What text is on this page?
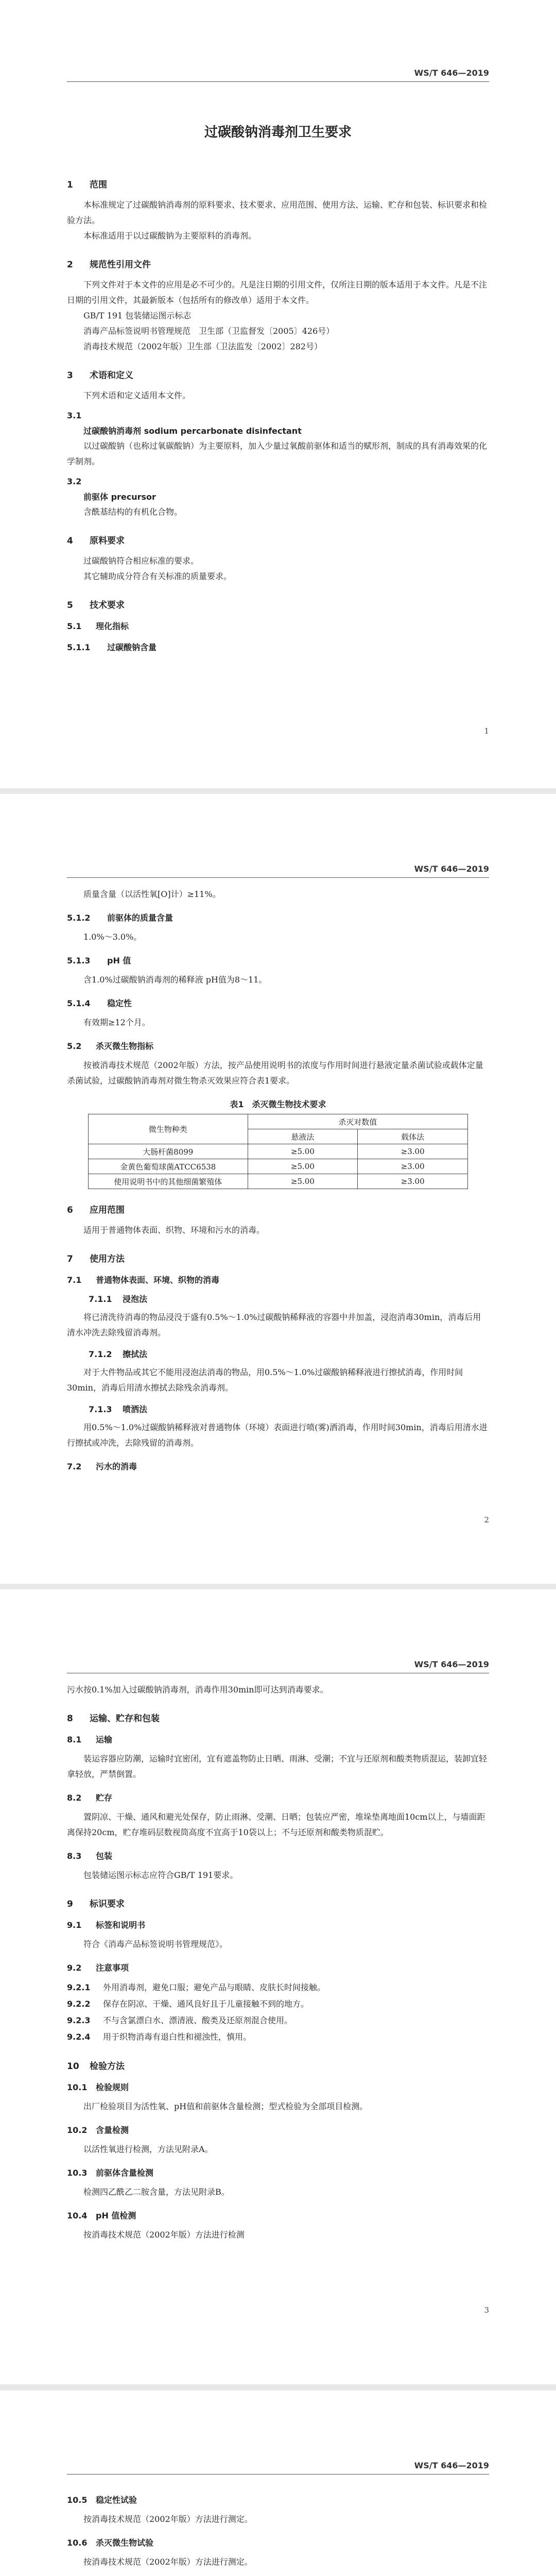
WS/T 646—2019
过碳酸钠消毒剂卫生要求
1 范围

本标准规定了过碳酸钠消毒剂的原料要求、技术要求、应用范围、使用方法、运输、贮存和包装、标识要求和检验方法。

本标准适用于以过碳酸钠为主要原料的消毒剂。

2 规范性引用文件

下列文件对于本文件的应用是必不可少的。凡是注日期的引用文件，仅所注日期的版本适用于本文件。凡是不注日期的引用文件，其最新版本（包括所有的修改单）适用于本文件。

GB/T 191 包装储运图示标志

消毒产品标签说明书管理规范　卫生部（卫监督发〔2005〕426号）

消毒技术规范（2002年版）卫生部（卫法监发〔2002〕282号）

3 术语和定义

下列术语和定义适用本文件。

3.1
过碳酸钠消毒剂 sodium percarbonate disinfectant

以过碳酸钠（也称过氧碳酸钠）为主要原料，加入少量过氧酸前驱体和适当的赋形剂，制成的具有消毒效果的化学制剂。

3.2
前驱体 precursor

含酰基结构的有机化合物。

4 原料要求

过碳酸钠符合相应标准的要求。

其它辅助成分符合有关标准的质量要求。

5 技术要求
5.1 理化指标
5.1.1 过碳酸钠含量
1
WS/T 646—2019

质量含量（以活性氧[O]计）≥11%。

5.1.2 前驱体的质量含量

1.0%～3.0%。

5.1.3 pH 值

含1.0%过碳酸钠消毒剂的稀释液 pH值为8～11。

5.1.4 稳定性

有效期≥12个月。

5.2 杀灭微生物指标

按被消毒技术规范（2002年版）方法，按产品使用说明书的浓度与作用时间进行悬液定量杀菌试验或载体定量杀菌试验，过碳酸钠消毒剂对微生物杀灭效果应符合表1要求。

表1　杀灭微生物技术要求
微生物种类	杀灭对数值	
	悬液法	载体法
大肠杆菌8099	≥5.00	≥3.00
金黄色葡萄球菌ATCC6538	≥5.00	≥3.00
使用说明书中的其他细菌繁殖体	≥5.00	≥3.00
6 应用范围

适用于普通物体表面、织物、环境和污水的消毒。

7 使用方法
7.1 普通物体表面、环境、织物的消毒
7.1.1 浸泡法

将已清洗待消毒的物品浸没于盛有0.5%～1.0%过碳酸钠稀释液的容器中并加盖，浸泡消毒30min，消毒后用清水冲洗去除残留消毒剂。

7.1.2 擦拭法

对于大件物品或其它不能用浸泡法消毒的物品，用0.5%～1.0%过碳酸钠稀释液进行擦拭消毒，作用时间30min，消毒后用清水擦拭去除残余消毒剂。

7.1.3 喷洒法

用0.5%～1.0%过碳酸钠稀释液对普通物体（环境）表面进行喷(雾)洒消毒，作用时间30min，消毒后用清水进行擦拭或冲洗，去除残留的消毒剂。

7.2 污水的消毒
2
WS/T 646—2019

污水按0.1%加入过碳酸钠消毒剂，消毒作用30min即可达到消毒要求。

8 运输、贮存和包装
8.1 运输

装运容器应防潮，运输时宜密闭，宜有遮盖物防止日晒、雨淋、受潮；不宜与还原剂和酸类物质混运，装卸宜轻拿轻放，严禁倒置。

8.2 贮存

置阴凉、干燥、通风和避光处保存，防止雨淋、受潮、日晒；包装应严密，堆垛垫离地面10cm以上，与墙面距离保持20cm，贮存堆码层数视筒高度不宜高于10袋以上；不与还原剂和酸类物质混贮。

8.3 包装

包装储运图示标志应符合GB/T 191要求。

9 标识要求
9.1 标签和说明书

符合《消毒产品标签说明书管理规范》。

9.2 注意事项
9.2.1 外用消毒剂，避免口服；避免产品与眼睛、皮肤长时间接触。
9.2.2 保存在阴凉、干燥、通风良好且于儿童接触不到的地方。
9.2.3 不与含氯漂白水、漂清液、酸类及还原剂混合使用。
9.2.4 用于织物消毒有退白性和褪浊性，慎用。
10 检验方法
10.1 检验规则

出厂检验项目为活性氧、pH值和前驱体含量检测；型式检验为全部项目检测。

10.2 含量检测

以活性氧进行检测，方法见附录A。

10.3 前驱体含量检测

检测四乙酰乙二胺含量，方法见附录B。

10.4 pH 值检测

按消毒技术规范（2002年版）方法进行检测

3
WS/T 646—2019
10.5 稳定性试验

按消毒技术规范（2002年版）方法进行测定。

10.6 杀灭微生物试验

按消毒技术规范（2002年版）方法进行测定。
